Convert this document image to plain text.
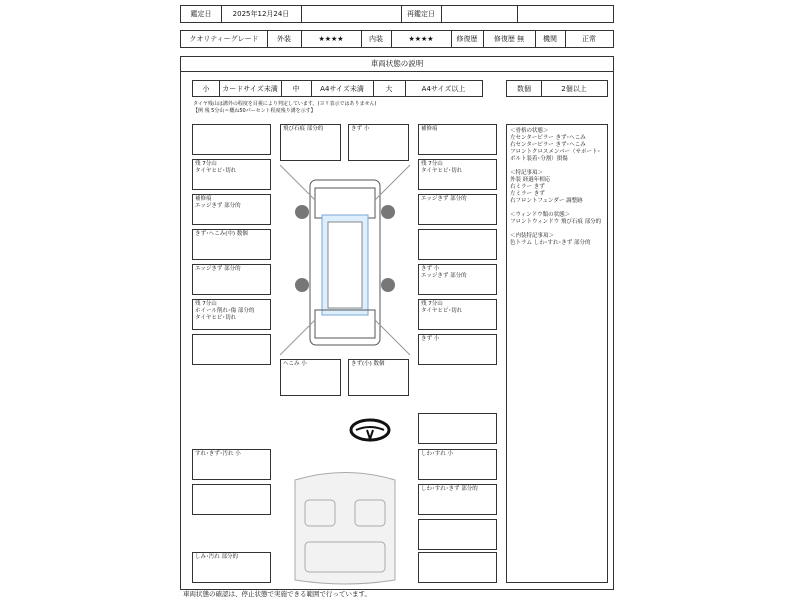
鑑定日	2025年12月24日	再鑑定日
クオリティーグレード	外装	★★★★	内装	★★★★	修復歴	修復歴 無	機関	正常
車両状態の説明
小	カードサイズ未満	中	A4サイズ未満	大	A4サイズ以上	数個	2個以上
タイヤ残山は溝外の程度を目視により判定しています。(ヨリ表示ではありません)
【例 残 5分山＝概ね50パーセント程度残り溝を示す】
残 7分山
タイヤヒビ･切れ
補修痕
エッジきず 部分的
きず･へこみ(中) 数個
エッジきず 部分的
残 7分山
ホイール削れ･傷 部分的
タイヤヒビ･切れ
すれ･きず･汚れ 小
しみ･汚れ 部分的
飛び石痕 部分的	きず 小	補修痕
残 7分山
タイヤヒビ･切れ
エッジきず 部分的
きず 小
エッジきず 部分的
残 7分山
タイヤヒビ･切れ
きず 小
しわ･すれ 小
しわ･すれ･きず 部分的
へこみ 小	きず(小) 数個
＜骨格の状態＞
左センターピラー きず･へこみ
右センターピラー きず･へこみ
フロントクロスメンバー（サポート･ボルト装着･分割）損傷

＜特記事項＞
外装 経過年相応
右ミラー きず
左ミラー きず
右フロントフェンダー 調整跡

＜ウィンドウ類の状態＞
フロントウィンドウ 飛び石痕 部分的

＜内装特記事項＞
色トラム しわ･すれ･きず 部分的
車両状態の確認は、停止状態で実施できる範囲で行っています。
